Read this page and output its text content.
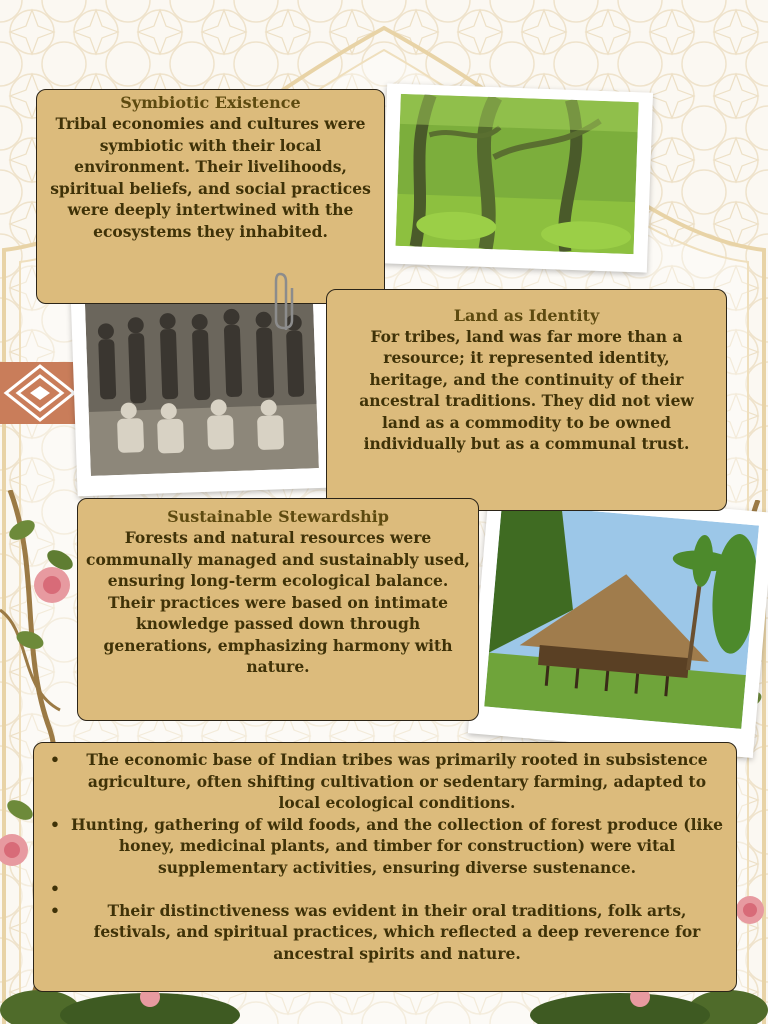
Symbiotic Existence
Tribal economies and cultures were symbiotic with their local environment. Their livelihoods, spiritual beliefs, and social practices were deeply intertwined with the ecosystems they inhabited.
Land as Identity
For tribes, land was far more than a resource; it represented identity, heritage, and the continuity of their ancestral traditions. They did not view land as a commodity to be owned individually but as a communal trust.
Sustainable Stewardship
Forests and natural resources were communally managed and sustainably used, ensuring long-term ecological balance. Their practices were based on intimate knowledge passed down through generations, emphasizing harmony with nature.
• The economic base of Indian tribes was primarily rooted in subsistence agriculture, often shifting cultivation or sedentary farming, adapted to local ecological conditions.
• Hunting, gathering of wild foods, and the collection of forest produce (like honey, medicinal plants, and timber for construction) were vital supplementary activities, ensuring diverse sustenance.
•
• Their distinctiveness was evident in their oral traditions, folk arts, festivals, and spiritual practices, which reflected a deep reverence for ancestral spirits and nature.
